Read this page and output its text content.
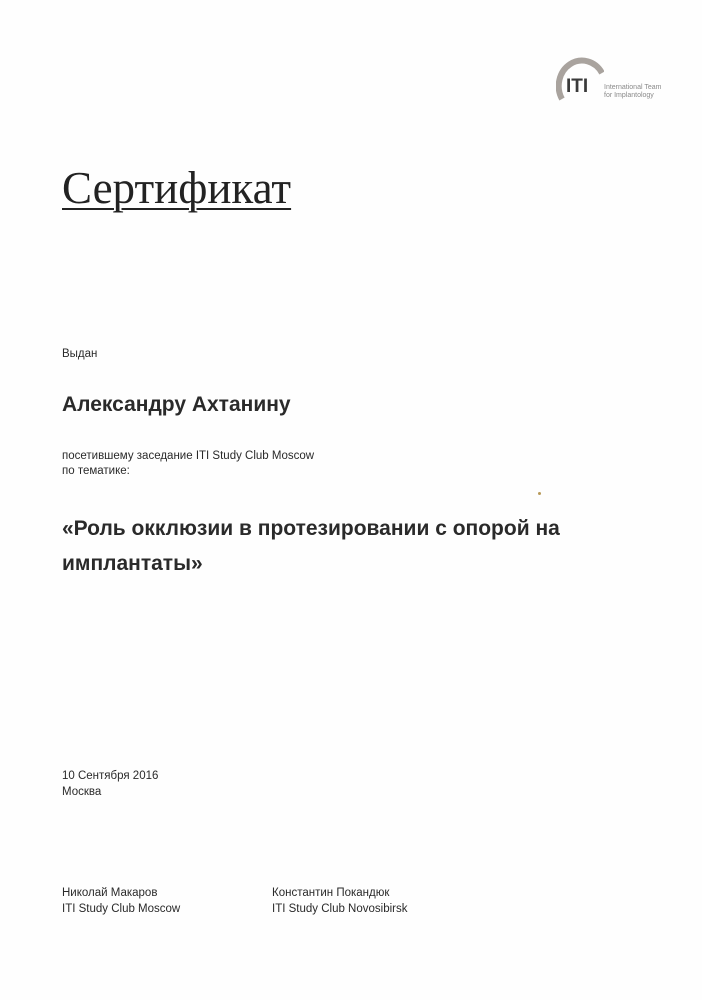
ITI International Team
for Implantology
Сертификат
Выдан
Александру Ахтанину
посетившему заседание ITI Study Club Moscow
по тематике:

«Роль окклюзии в протезировании с опорой на имплантаты»

10 Сентября 2016
Москва
Николай Макаров
ITI Study Club Moscow
Константин Покандюк
ITI Study Club Novosibirsk
